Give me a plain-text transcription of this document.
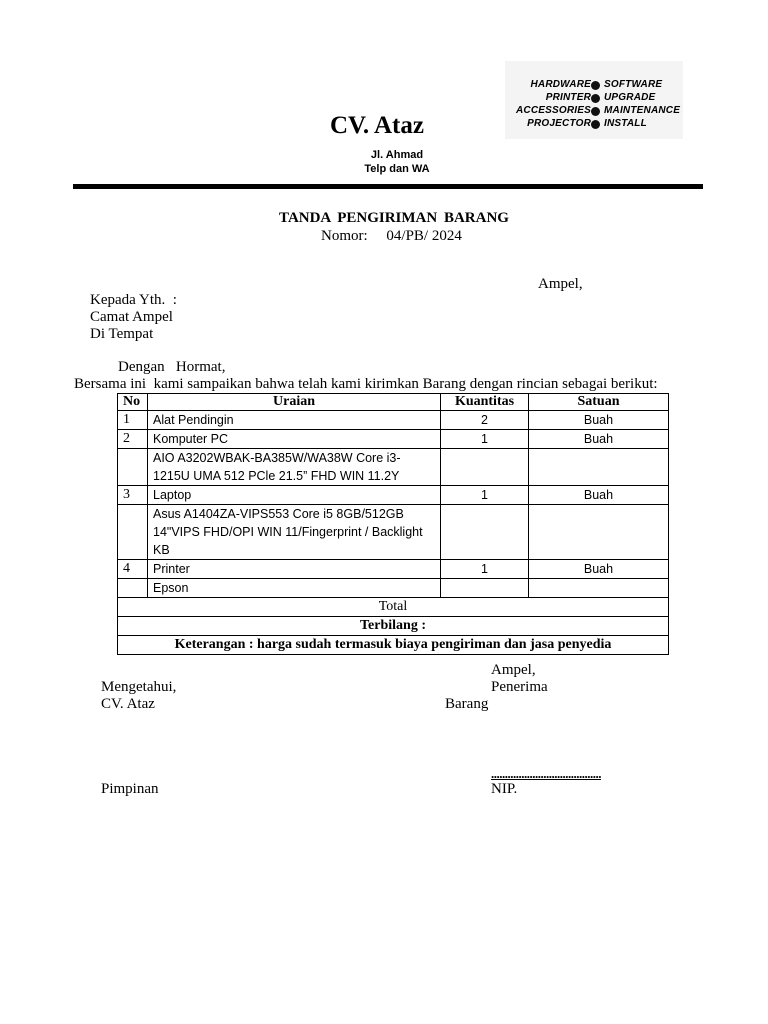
CV. Ataz
Jl. Ahmad
Telp dan WA
HARDWARE SOFTWARE
PRINTER UPGRADE
ACCESSORIES MAINTENANCE
PROJECTOR INSTALL
TANDA PENGIRIMAN BARANG
Nomor: 04/PB/ 2024
Ampel,
Kepada Yth.  :
Camat Ampel
Di Tempat
Dengan   Hormat,
Bersama ini  kami sampaikan bahwa telah kami kirimkan Barang dengan rincian sebagai berikut:
No	Uraian	Kuantitas	Satuan
1	Alat Pendingin	2	Buah
2	Komputer PC	1	Buah
	AIO A3202WBAK-BA385W/WA38W Core i3-1215U UMA 512 PCle 21.5” FHD WIN 11.2Y		
3	Laptop	1	Buah
	Asus A1404ZA-VIPS553 Core i5 8GB/512GB 14"VIPS FHD/OPI WIN 11/Fingerprint / Backlight KB		
4	Printer	1	Buah
	Epson		
Total			
Terbilang :			
Keterangan : harga sudah termasuk biaya pengiriman dan jasa penyedia			
Ampel,
Mengetahui,	Penerima
CV. Ataz	Barang
........................................
Pimpinan	NIP.
